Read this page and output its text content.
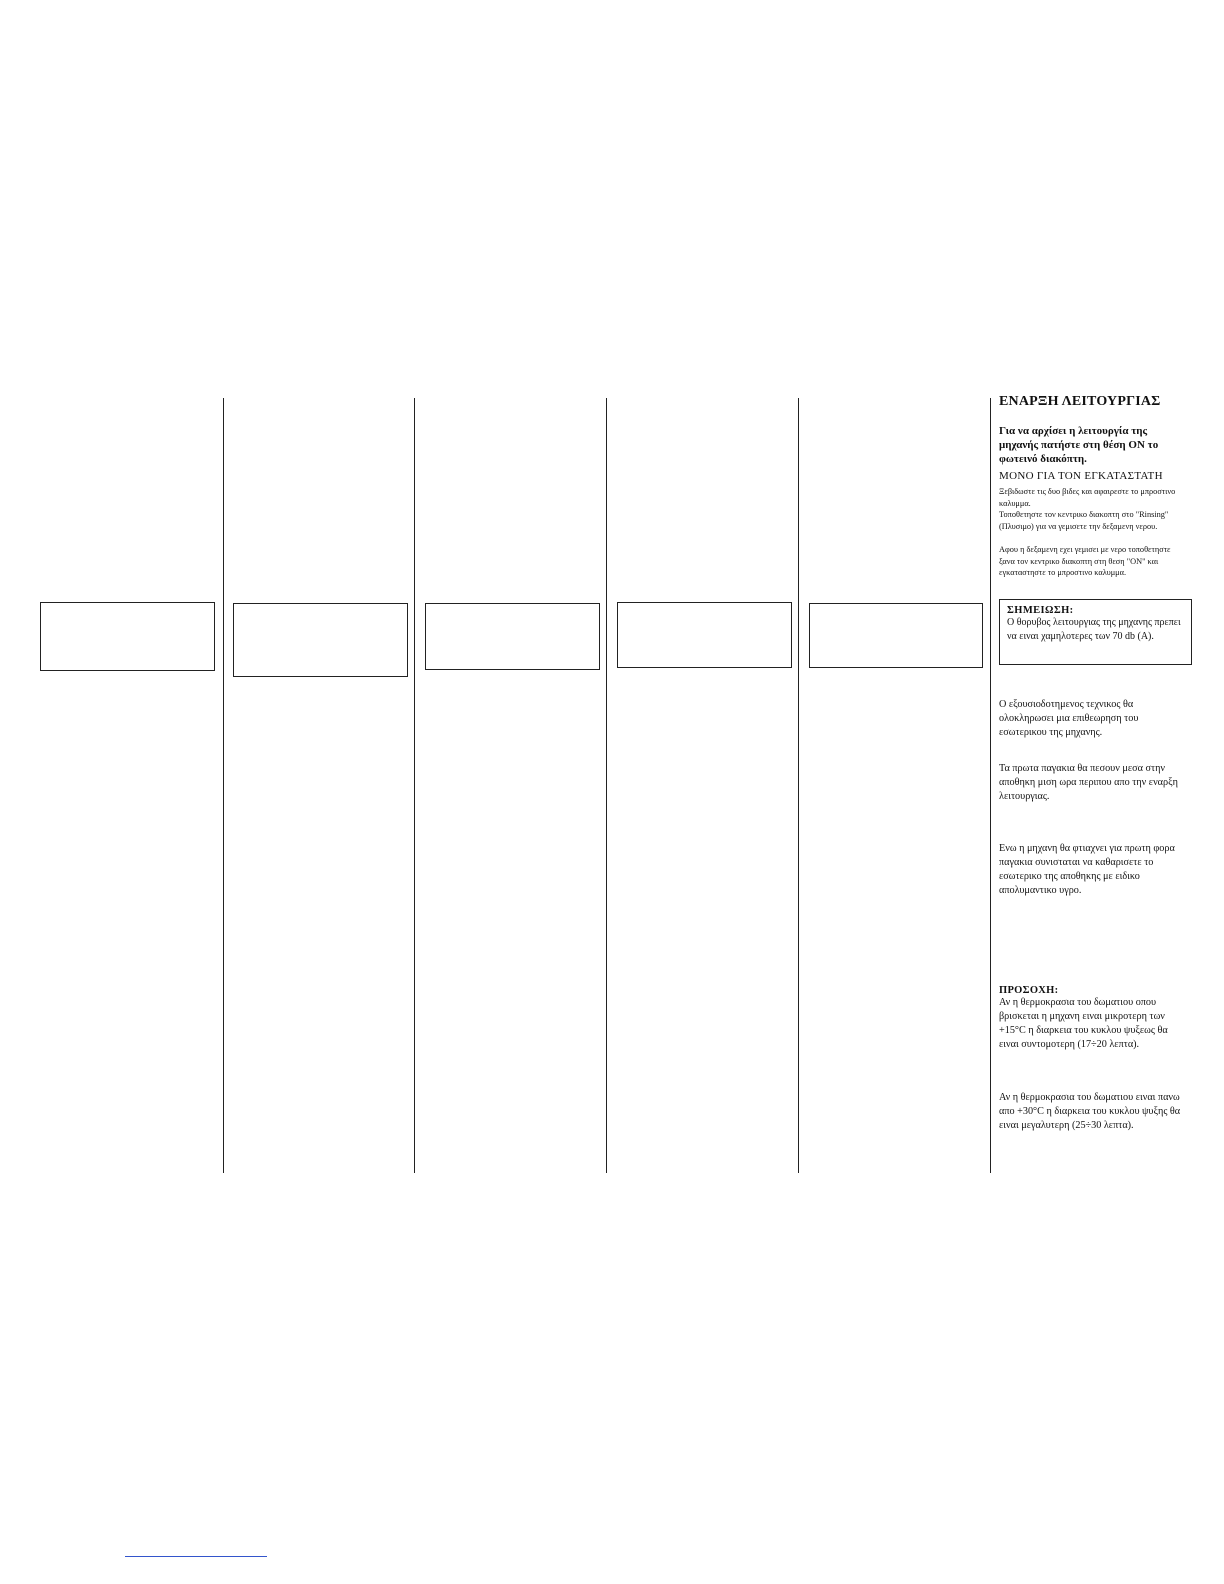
ΕΝΑΡΞΗ ΛΕΙΤΟΥΡΓΙΑΣ
Για να αρχίσει η λειτουργία της μηχανής πατήστε στη θέση ON το φωτεινό διακόπτη.
ΜΟΝΟ ΓΙΑ ΤΟΝ ΕΓΚΑΤΑΣΤΑΤΗ
Ξεβιδωστε τις δυο βιδες και αφαιρεστε το μπροστινο καλυμμα.
Τοποθετηστε τον κεντρικο διακοπτη στο "Rinsing" (Πλυσιμο) για να γεμισετε την δεξαμενη νερου.
Αφου η δεξαμενη εχει γεμισει με νερο τοποθετηστε ξανα τον κεντρικο διακοπτη στη θεση "ON" και εγκαταστηστε το μπροστινο καλυμμα.
ΣΗΜΕΙΩΣΗ:
Ο θορυβος λειτουργιας της μηχανης πρεπει να ειναι χαμηλοτερες των 70 db (A).
Ο εξουσιοδοτημενος τεχνικος θα ολοκληρωσει μια επιθεωρηση του εσωτερικου της μηχανης.
Τα πρωτα παγακια θα πεσουν μεσα στην αποθηκη μιση ωρα περιπου απο την εναρξη λειτουργιας.
Ενω η μηχανη θα φτιαχνει για πρωτη φορα παγακια συνισταται να καθαρισετε το εσωτερικο της αποθηκης με ειδικο απολυμαντικο υγρο.
ΠΡΟΣΟΧΗ:
Αν η θερμοκρασια του δωματιου οπου βρισκεται η μηχανη ειναι μικροτερη των +15°C η διαρκεια του κυκλου ψυξεως θα ειναι συντομοτερη (17÷20 λεπτα).
Αν η θερμοκρασια του δωματιου ειναι πανω απο +30°C η διαρκεια του κυκλου ψυξης θα ειναι μεγαλυτερη (25÷30 λεπτα).
